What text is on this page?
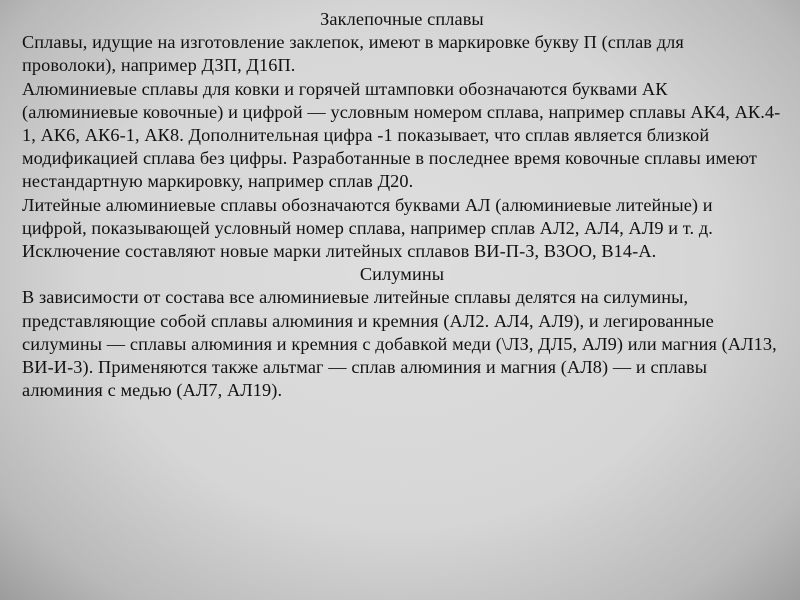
Заклепочные сплавы
Сплавы, идущие на изготовление заклепок, имеют в маркировке букву П (сплав для проволоки), например ДЗП, Д16П.
Алюминиевые сплавы для ковки и горячей штамповки обозначаются буквами АК (алюминиевые ковочные) и цифрой — условным номером сплава, например сплавы АК4, АК.4-1, АК6, АК6-1, АК8. Дополнительная цифра -1 показывает, что сплав является близкой модификацией сплава без цифры. Разработанные в последнее время ковочные сплавы имеют нестандартную маркировку, например сплав Д20.
Литейные алюминиевые сплавы обозначаются буквами АЛ (алюминиевые литейные) и цифрой, показывающей условный номер сплава, например сплав АЛ2, АЛ4, АЛ9 и т. д. Исключение составляют новые марки литейных сплавов ВИ-П-З, ВЗОО, В14-А.
Силумины
В зависимости от состава все алюминиевые литейные сплавы делятся на силумины, представляющие собой сплавы алюминия и кремния (АЛ2. АЛ4, АЛ9), и легированные силумины — сплавы алюминия и кремния с добавкой меди (\ЛЗ, ДЛ5, АЛ9) или магния (АЛ13, ВИ-И-3). Применяются также альтмаг — сплав алюминия и магния (АЛ8) — и сплавы алюминия с медью (АЛ7, АЛ19).
